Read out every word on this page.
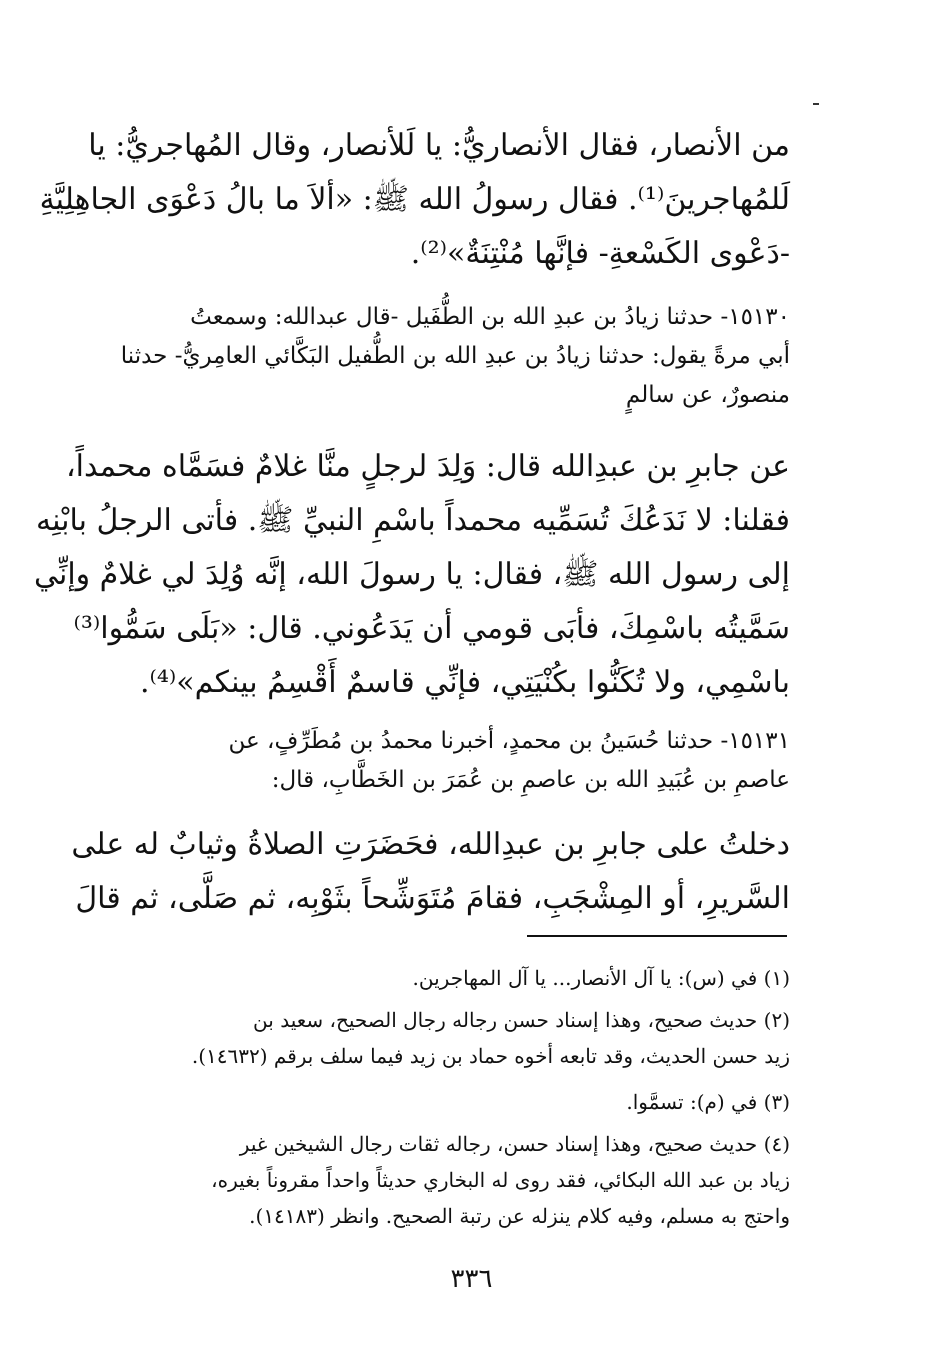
من الأنصار، فقال الأنصاريُّ: يا لَلأنصار، وقال المُهاجريُّ: يا
لَلمُهاجرينَ⁽¹⁾. فقال رسولُ الله ﷺ: «ألاَ ما بالُ دَعْوَى الجاهِلِيَّةِ
-دَعْوى الكَسْعةِ- فإنَّها مُنْتِنَةٌ»⁽²⁾.
١٥١٣٠- حدثنا زيادُ بن عبدِ الله بن الطُّفَيل -قال عبدالله: وسمعتُ
أبي مرةً يقول: حدثنا زيادُ بن عبدِ الله بن الطُّفيل البَكَّائي العامِريُّ- حدثنا
منصورٌ، عن سالمٍ
عن جابرِ بن عبدِالله قال: وَلِدَ لرجلٍ منَّا غلامٌ فسَمَّاه محمداً،
فقلنا: لا نَدَعُكَ تُسَمِّيه محمداً باسْمِ النبيِّ ﷺ. فأتى الرجلُ بابْنِه
إلى رسول الله ﷺ، فقال: يا رسولَ الله، إنَّه وُلِدَ لي غلامٌ وإنِّي
سَمَّيتُه باسْمِكَ، فأبَى قومي أن يَدَعُوني. قال: «بَلَى سَمُّوا⁽³⁾
باسْمِي، ولا تُكَنُّوا بكُنْيَتِي، فإنِّي قاسمٌ أَقْسِمُ بينكم»⁽⁴⁾.
١٥١٣١- حدثنا حُسَينُ بن محمدٍ، أخبرنا محمدُ بن مُطَرِّفٍ، عن
عاصمِ بن عُبَيدِ الله بن عاصمِ بن عُمَرَ بن الخَطَّابِ، قال:
دخلتُ على جابرِ بن عبدِالله، فحَضَرَتِ الصلاةُ وثيابٌ له على
السَّريرِ، أو المِشْجَبِ، فقامَ مُتَوَشِّحاً بثَوْبِه، ثم صَلَّى، ثم قالَ
(١) في (س): يا آل الأنصار... يا آل المهاجرين.
(٢) حديث صحيح، وهذا إسناد حسن رجاله رجال الصحيح، سعيد بن
زيد حسن الحديث، وقد تابعه أخوه حماد بن زيد فيما سلف برقم (١٤٦٣٢).
(٣) في (م): تسمَّوا.
(٤) حديث صحيح، وهذا إسناد حسن، رجاله ثقات رجال الشيخين غير
زياد بن عبد الله البكائي، فقد روى له البخاري حديثاً واحداً مقروناً بغيره،
واحتج به مسلم، وفيه كلام ينزله عن رتبة الصحيح. وانظر (١٤١٨٣).
٣٣٦
